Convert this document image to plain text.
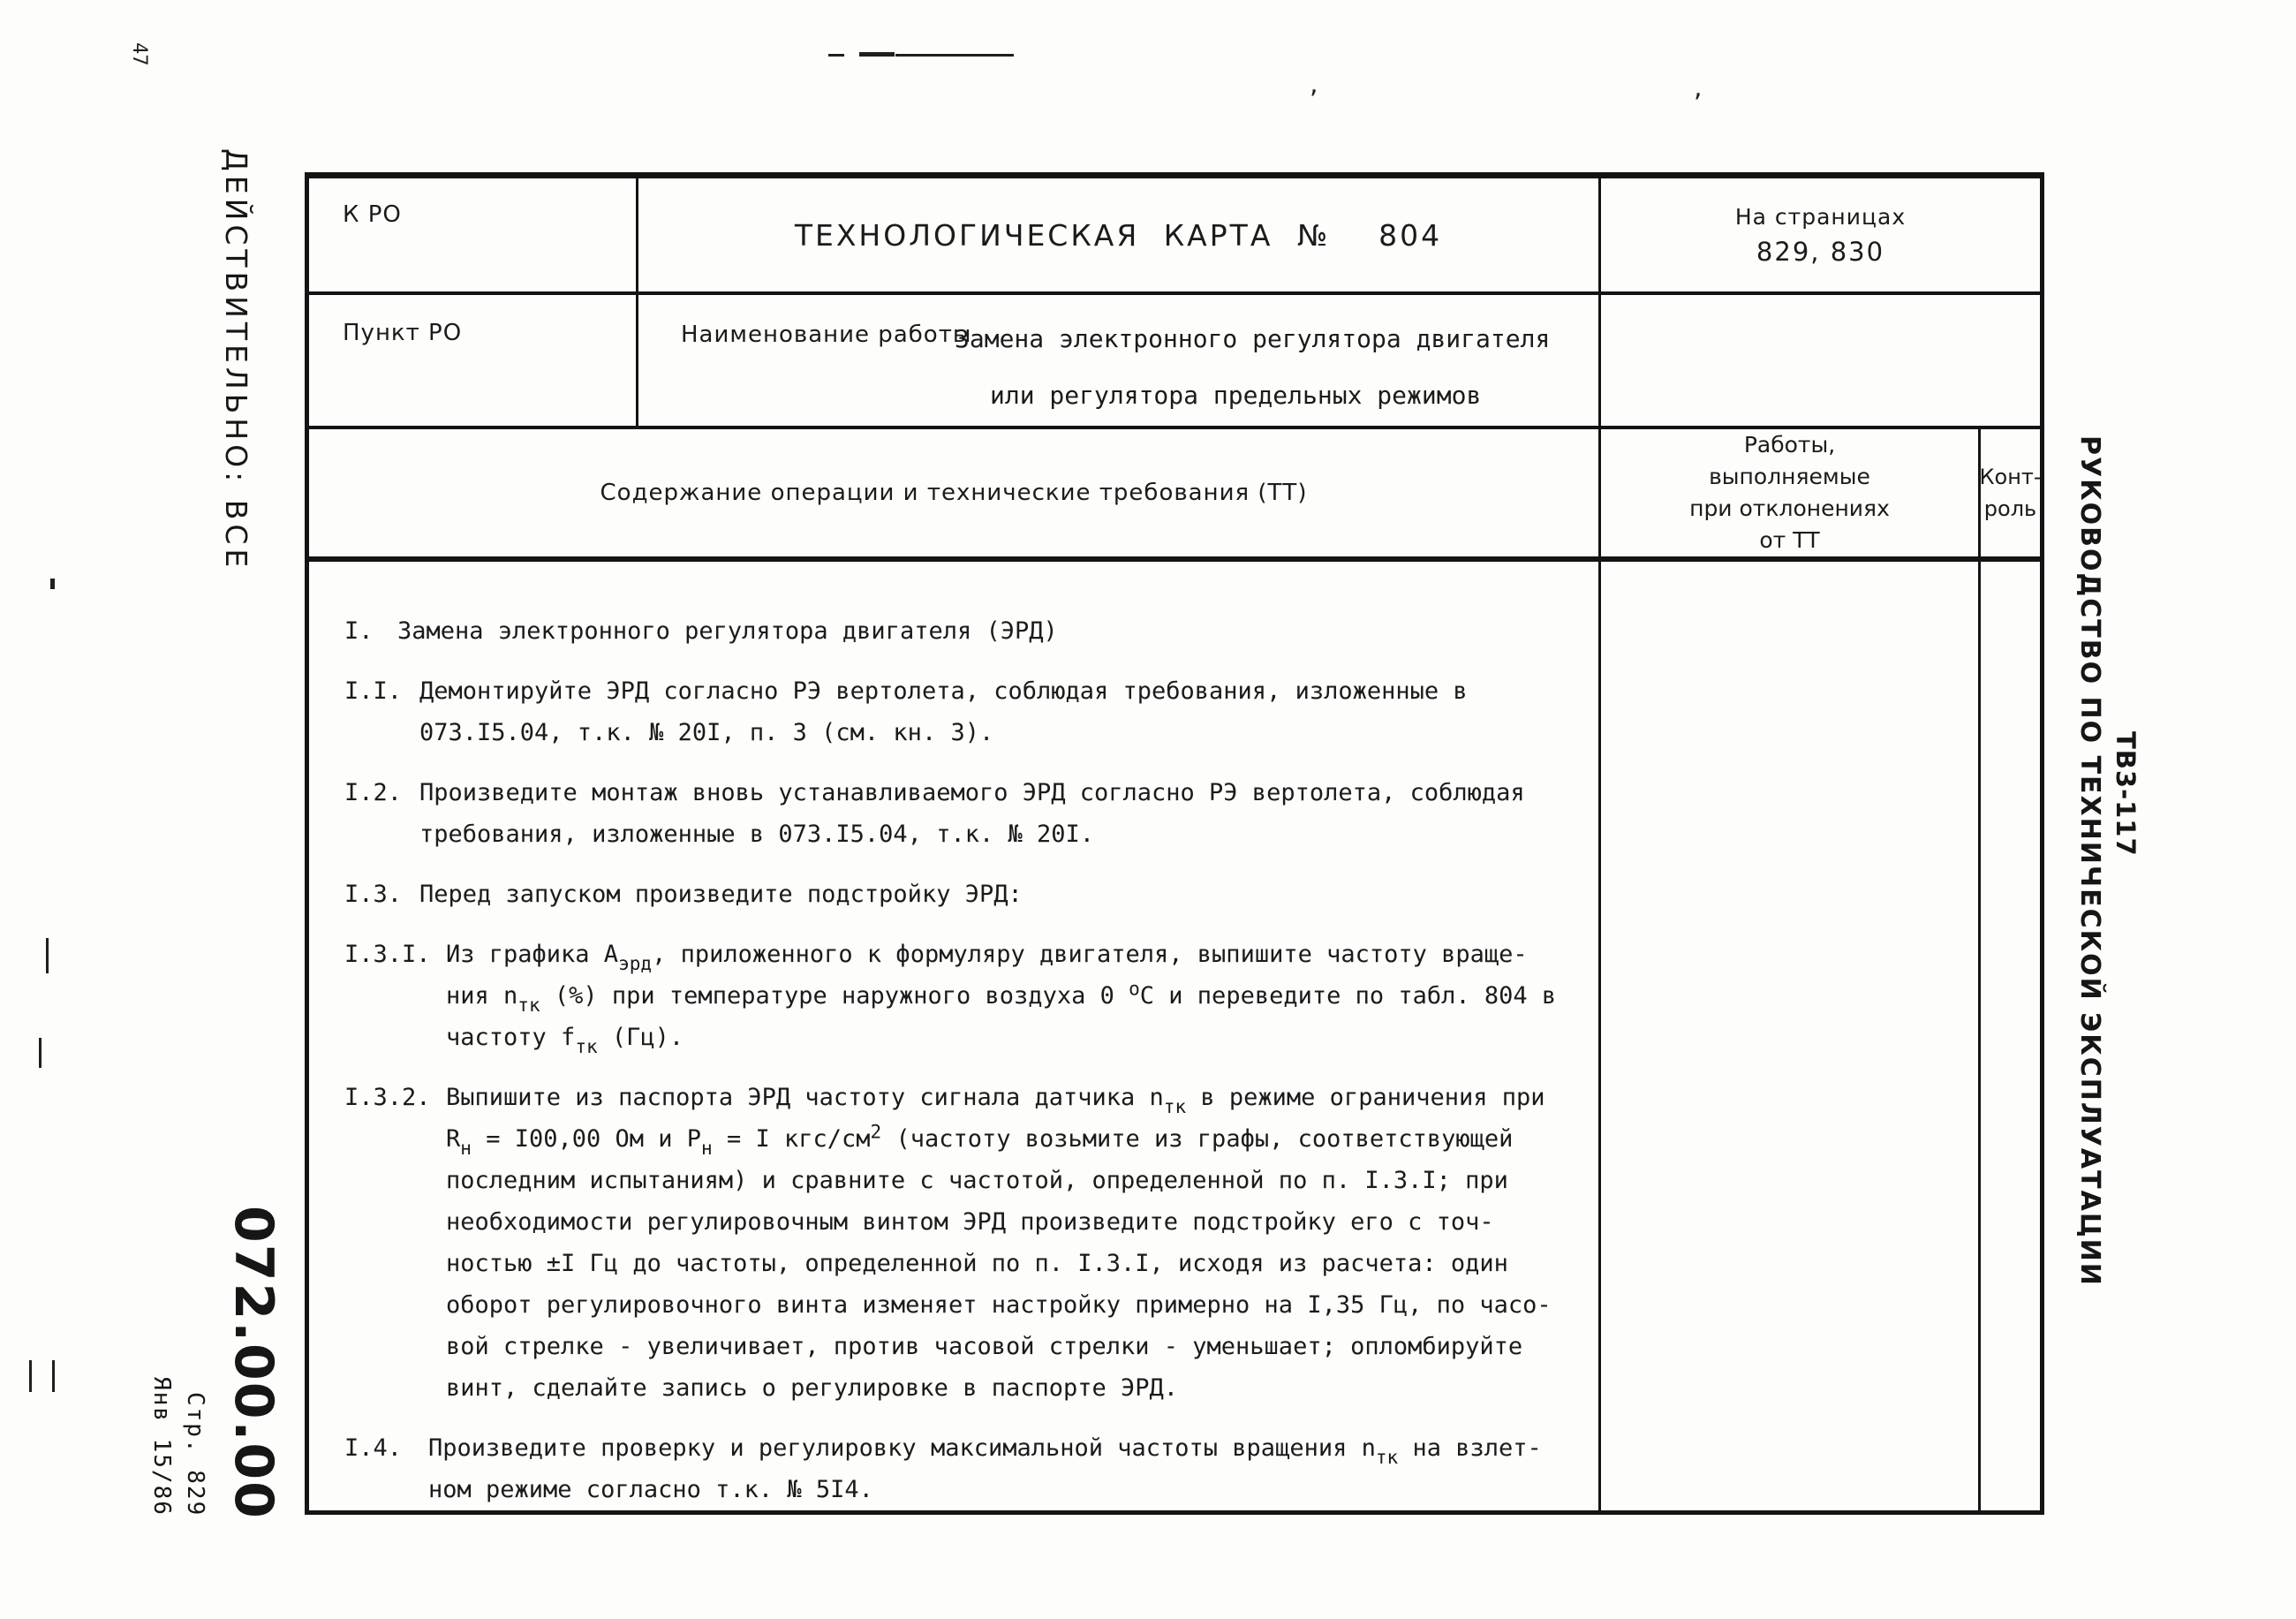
47
,	,
ДЕЙСТВИТЕЛЬНО: ВСЕ
072.00.00
Стр. 829
Янв 15/86
РУКОВОДСТВО ПО ТЕХНИЧЕСКОЙ ЭКСПЛУАТАЦИИ ТВ3-117
К РО
ТЕХНОЛОГИЧЕСКАЯ КАРТА №  804
На страницах
829, 830
Пункт РО	Наименование работы
Замена электронного регулятора двигателя
или регулятора предельных режимов
Содержание операции и технические требования (ТТ)
Работы,
выполняемые
при отклонениях
от ТТ
Конт-
роль
I. Замена электронного регулятора двигателя (ЭРД)
I.I. Демонтируйте ЭРД согласно РЭ вертолета, соблюдая требования, изложенные в
073.I5.04, т.к. № 20I, п. 3 (см. кн. 3).
I.2. Произведите монтаж вновь устанавливаемого ЭРД согласно РЭ вертолета, соблюдая
требования, изложенные в 073.I5.04, т.к. № 20I.
I.3. Перед запуском произведите подстройку ЭРД:
I.3.I. Из графика $А_{эрд}$, приложенного к формуляру двигателя, выпишите частоту враще-
ния $n_{тк}$ (%) при температуре наружного воздуха 0 $^о$С и переведите по табл. 804 в
частоту $f_{тк}$ (Гц).
I.3.2. Выпишите из паспорта ЭРД частоту сигнала датчика $n_{тк}$ в режиме ограничения при
$R_н = I00,00$ Ом и $Р_н = I$ кгс/$см^2$ (частоту возьмите из графы, соответствующей
последним испытаниям) и сравните с частотой, определенной по п. I.3.I; при
необходимости регулировочным винтом ЭРД произведите подстройку его с точ-
ностью ±I Гц до частоты, определенной по п. I.3.I, исходя из расчета: один
оборот регулировочного винта изменяет настройку примерно на I,35 Гц, по часо-
вой стрелке - увеличивает, против часовой стрелки - уменьшает; опломбируйте
винт, сделайте запись о регулировке в паспорте ЭРД.
I.4. Произведите проверку и регулировку максимальной частоты вращения $n_{тк}$ на взлет-
ном режиме согласно т.к. № 5I4.
